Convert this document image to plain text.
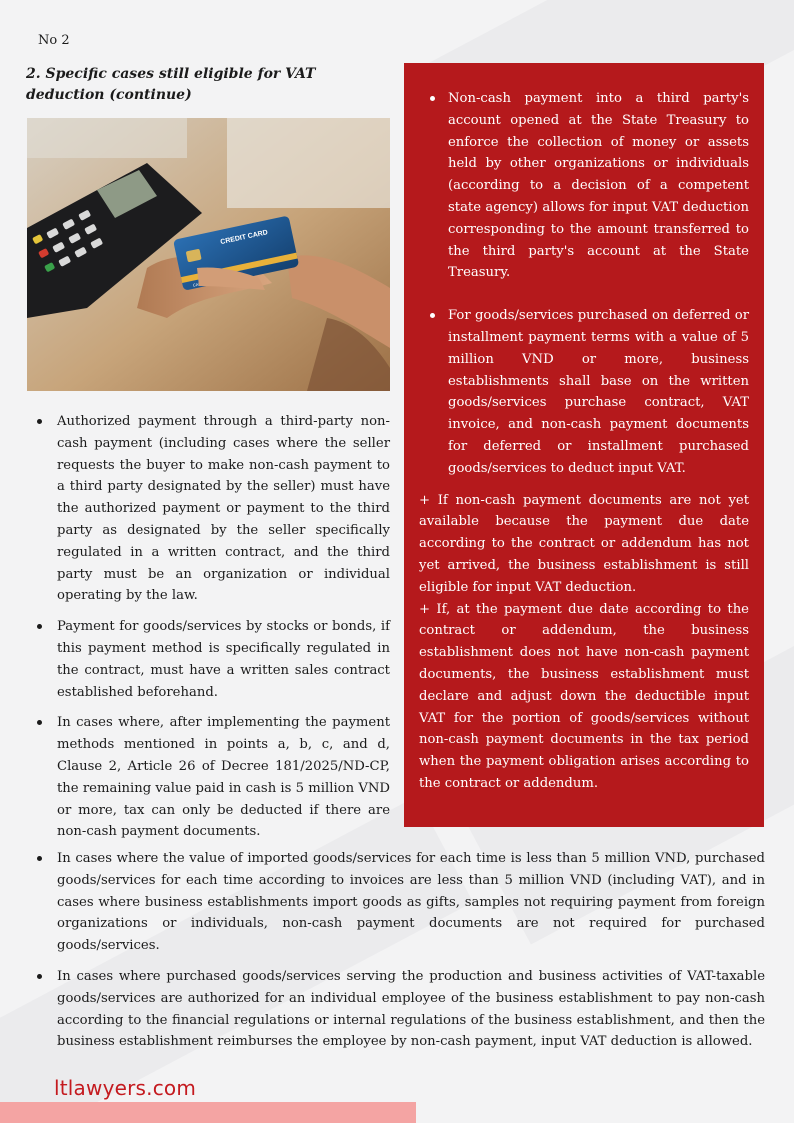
No 2
2. Specific cases still eligible for VAT deduction (continue)
CREDIT CARD
Authorized payment through a third-party non-cash payment (including cases where the seller requests the buyer to make non-cash payment to a third party designated by the seller) must have the authorized payment or payment to the third party as designated by the seller specifically regulated in a written contract, and the third party must be an organization or individual operating by the law.
Payment for goods/services by stocks or bonds, if this payment method is specifically regulated in the contract, must have a written sales contract established beforehand.
In cases where, after implementing the payment methods mentioned in points a, b, c, and d, Clause 2, Article 26 of Decree 181/2025/ND-CP, the remaining value paid in cash is 5 million VND or more, tax can only be deducted if there are non-cash payment documents.
Non-cash payment into a third party's account opened at the State Treasury to enforce the collection of money or assets held by other organizations or individuals (according to a decision of a competent state agency) allows for input VAT deduction corresponding to the amount transferred to the third party's account at the State Treasury.
For goods/services purchased on deferred or installment payment terms with a value of 5 million VND or more, business establishments shall base on the written goods/services purchase contract, VAT invoice, and non-cash payment documents for deferred or installment purchased goods/services to deduct input VAT.

+ If non-cash payment documents are not yet available because the payment due date according to the contract or addendum has not yet arrived, the business establishment is still eligible for input VAT deduction.

+ If, at the payment due date according to the contract or addendum, the business establishment does not have non-cash payment documents, the business establishment must declare and adjust down the deductible input VAT for the portion of goods/services without non-cash payment documents in the tax period when the payment obligation arises according to the contract or addendum.

In cases where the value of imported goods/services for each time is less than 5 million VND, purchased goods/services for each time according to invoices are less than 5 million VND (including VAT), and in cases where business establishments import goods as gifts, samples not requiring payment from foreign organizations or individuals, non-cash payment documents are not required for purchased goods/services.
In cases where purchased goods/services serving the production and business activities of VAT-taxable goods/services are authorized for an individual employee of the business establishment to pay non-cash according to the financial regulations or internal regulations of the business establishment, and then the business establishment reimburses the employee by non-cash payment, input VAT deduction is allowed.
ltlawyers.com
